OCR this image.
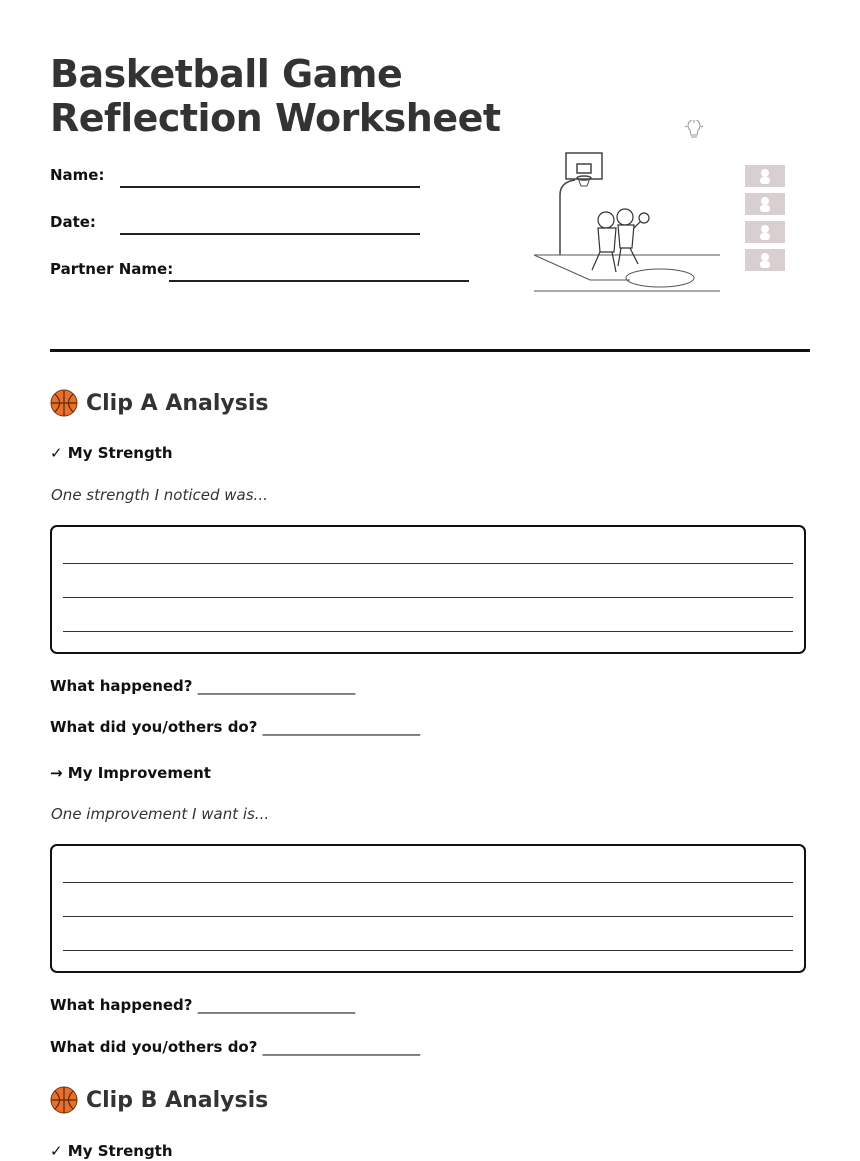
Basketball Game Reflection Worksheet
Name:
Date:
Partner Name:
Clip A Analysis
✓ My Strength
One strength I noticed was...
What happened? _____________________
What did you/others do? _____________________
→ My Improvement
One improvement I want is...
What happened? _____________________
What did you/others do? _____________________
Clip B Analysis
✓ My Strength
